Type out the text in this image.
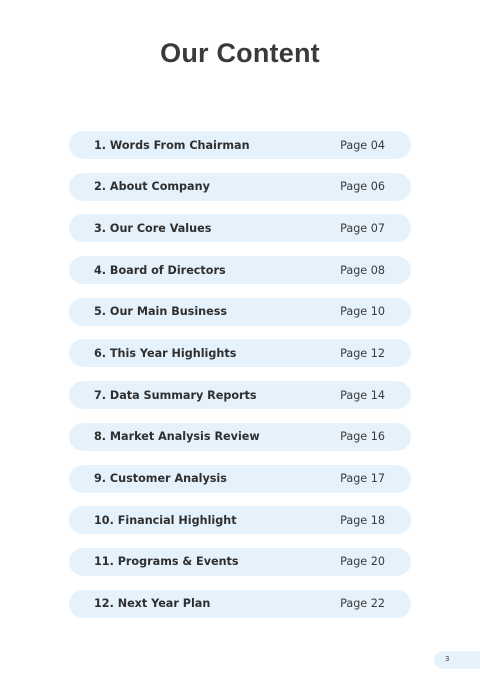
Our Content
1. Words From Chairman	Page 04
2. About Company	Page 06
3. Our Core Values	Page 07
4. Board of Directors	Page 08
5. Our Main Business	Page 10
6. This Year Highlights	Page 12
7. Data Summary Reports	Page 14
8. Market Analysis Review	Page 16
9. Customer Analysis	Page 17
10. Financial Highlight	Page 18
11. Programs & Events	Page 20
12. Next Year Plan	Page 22
3
